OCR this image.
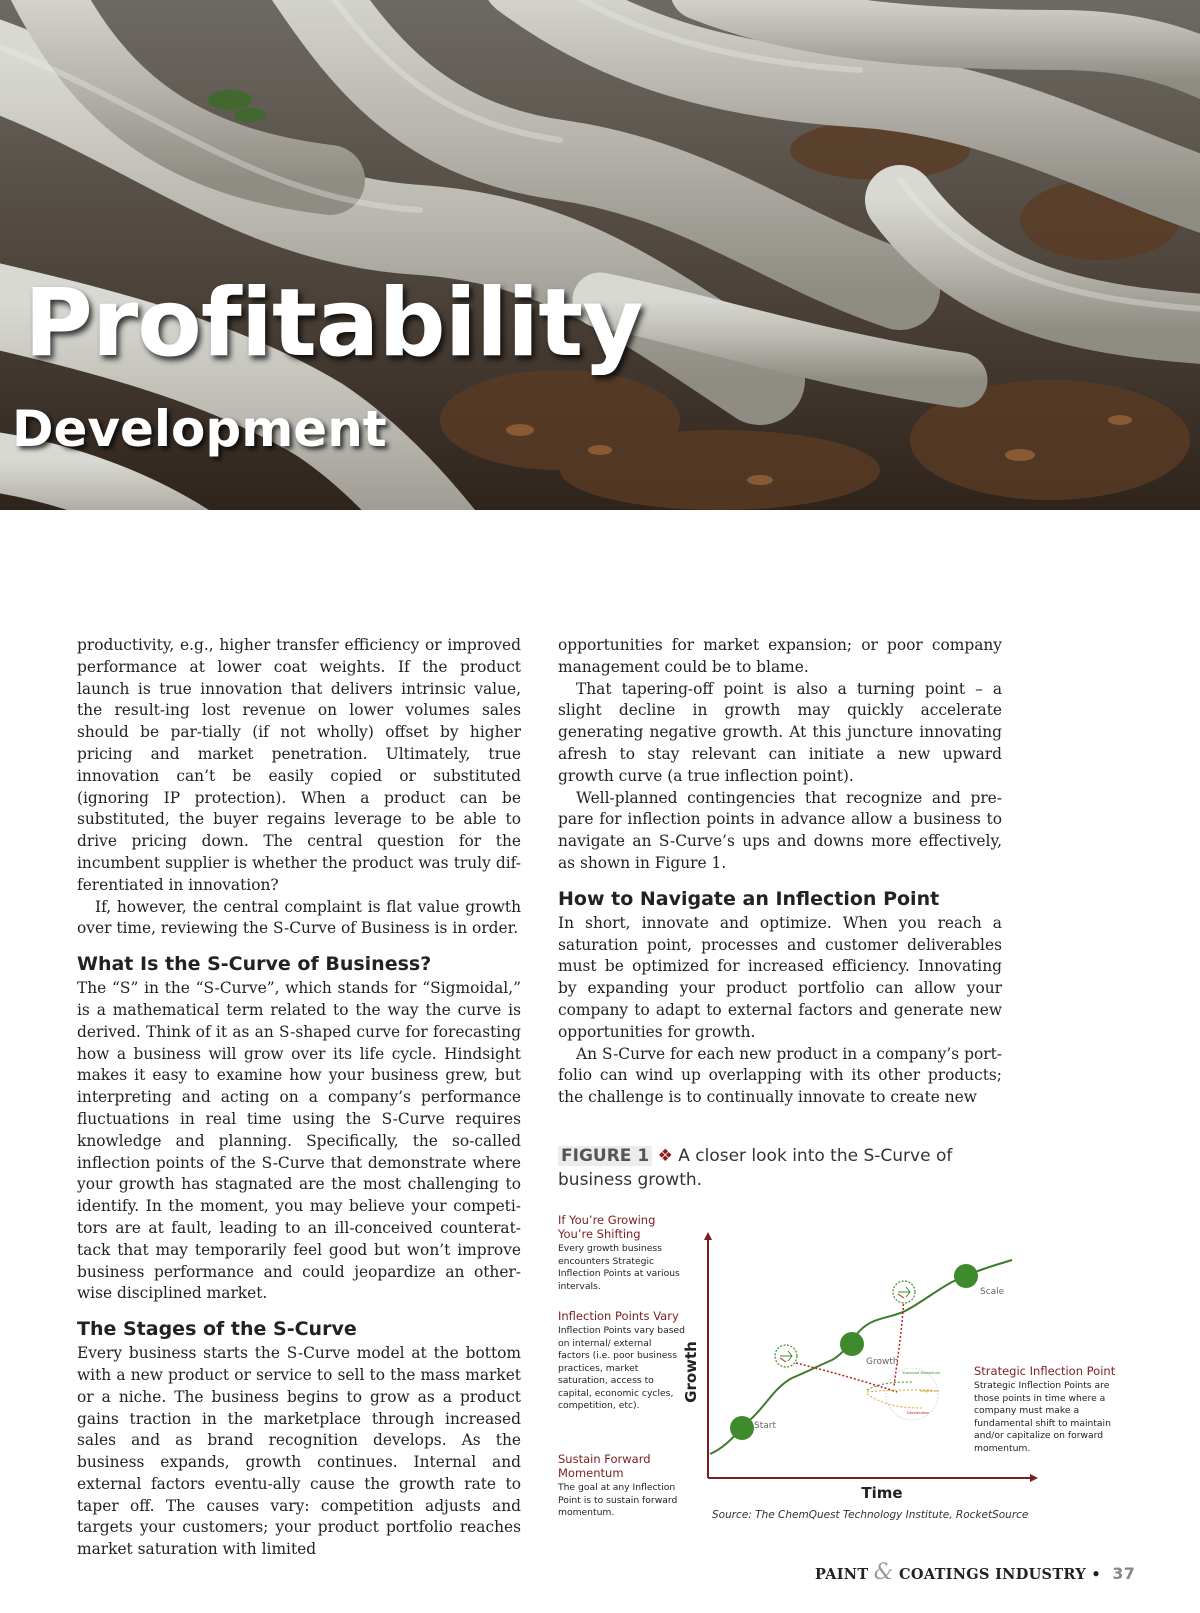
Profitability
Development

productivity, e.g., higher transfer efficiency or improved performance at lower coat weights. If the product launch is true innovation that delivers intrinsic value, the result-ing lost revenue on lower volumes sales should be par-tially (if not wholly) offset by higher pricing and market penetration. Ultimately, true innovation can’t be easily copied or substituted (ignoring IP protection). When a product can be substituted, the buyer regains leverage to be able to drive pricing down. The central question for the incumbent supplier is whether the product was truly dif-ferentiated in innovation?

If, however, the central complaint is flat value growth over time, reviewing the S-Curve of Business is in order.

What Is the S-Curve of Business?

The “S” in the “S-Curve”, which stands for “Sigmoidal,” is a mathematical term related to the way the curve is derived. Think of it as an S-shaped curve for forecasting how a business will grow over its life cycle. Hindsight makes it easy to examine how your business grew, but interpreting and acting on a company’s performance fluctuations in real time using the S-Curve requires knowledge and planning. Specifically, the so-called inflection points of the S-Curve that demonstrate where your growth has stagnated are the most challenging to identify. In the moment, you may believe your competi-tors are at fault, leading to an ill-conceived counterat-tack that may temporarily feel good but won’t improve business performance and could jeopardize an other-wise disciplined market.

The Stages of the S-Curve

Every business starts the S-Curve model at the bottom with a new product or service to sell to the mass market or a niche. The business begins to grow as a product gains traction in the marketplace through increased sales and as brand recognition develops. As the business expands, growth continues. Internal and external factors eventu-ally cause the growth rate to taper off. The causes vary: competition adjusts and targets your customers; your product portfolio reaches market saturation with limited

opportunities for market expansion; or poor company management could be to blame.

That tapering-off point is also a turning point – a slight decline in growth may quickly accelerate generating negative growth. At this juncture innovating afresh to stay relevant can initiate a new upward growth curve (a true inflection point).

Well-planned contingencies that recognize and pre-pare for inflection points in advance allow a business to navigate an S-Curve’s ups and downs more effectively, as shown in Figure 1.

How to Navigate an Inflection Point

In short, innovate and optimize. When you reach a saturation point, processes and customer deliverables must be optimized for increased efficiency. Innovating by expanding your product portfolio can allow your company to adapt to external factors and generate new opportunities for growth.

An S-Curve for each new product in a company’s port-folio can wind up overlapping with its other products; the challenge is to continually innovate to create new

FIGURE 1 ❖ A closer look into the S-Curve of business growth.
If You’re Growing You’re Shifting

Every growth business encounters Strategic Inflection Points at various intervals.

Inflection Points Vary

Inflection Points vary based on internal/ external factors (i.e. poor business practices, market saturation, access to capital, economic cycles, competition, etc).

Sustain Forward Momentum

The goal at any Inflection Point is to sustain forward momentum.

Growth
Time
Start
Growth
Scale
Sustained Momentum
Stagnation
Deceleration
Strategic Inflection Point

Strategic Inflection Points are those points in time where a company must make a fundamental shift to maintain and/or capitalize on forward momentum.

Source: The ChemQuest Technology Institute, RocketSource
PAINT & COATINGS INDUSTRY • 37
